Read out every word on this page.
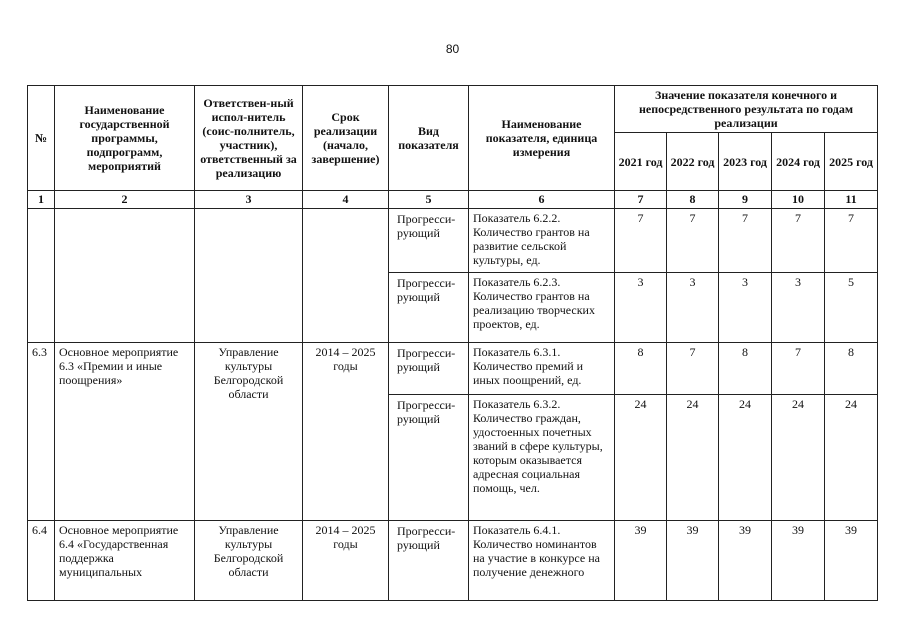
80
№	Наименование государственной программы, подпрограмм, мероприятий	Ответствен-ный испол-нитель (соис-полнитель, участник), ответственный за реализацию	Срок реализации (начало, завершение)	Вид показателя	Наименование показателя, единица измерения	Значение показателя конечного и непосредственного результата по годам реализации				
						2021 год	2022 год	2023 год	2024 год	2025 год
1	2	3	4	5	6	7	8	9	10	11
				Прогресси-рующий	Показатель 6.2.2. Количество грантов на развитие сельской культуры, ед.	7	7	7	7	7
				Прогресси-рующий	Показатель 6.2.3. Количество грантов на реализацию творческих проектов, ед.	3	3	3	3	5
6.3	Основное мероприятие 6.3 «Премии и иные поощрения»	Управление культуры Белгородской области	2014 – 2025 годы	Прогресси-рующий	Показатель 6.3.1. Количество премий и иных поощрений, ед.	8	7	8	7	8
				Прогресси-рующий	Показатель 6.3.2. Количество граждан, удостоенных почетных званий в сфере культуры, которым оказывается адресная социальная помощь, чел.	24	24	24	24	24
6.4	Основное мероприятие 6.4 «Государственная поддержка муниципальных	Управление культуры Белгородской области	2014 – 2025 годы	Прогресси-рующий	Показатель 6.4.1. Количество номинантов на участие в конкурсе на получение денежного	39	39	39	39	39
